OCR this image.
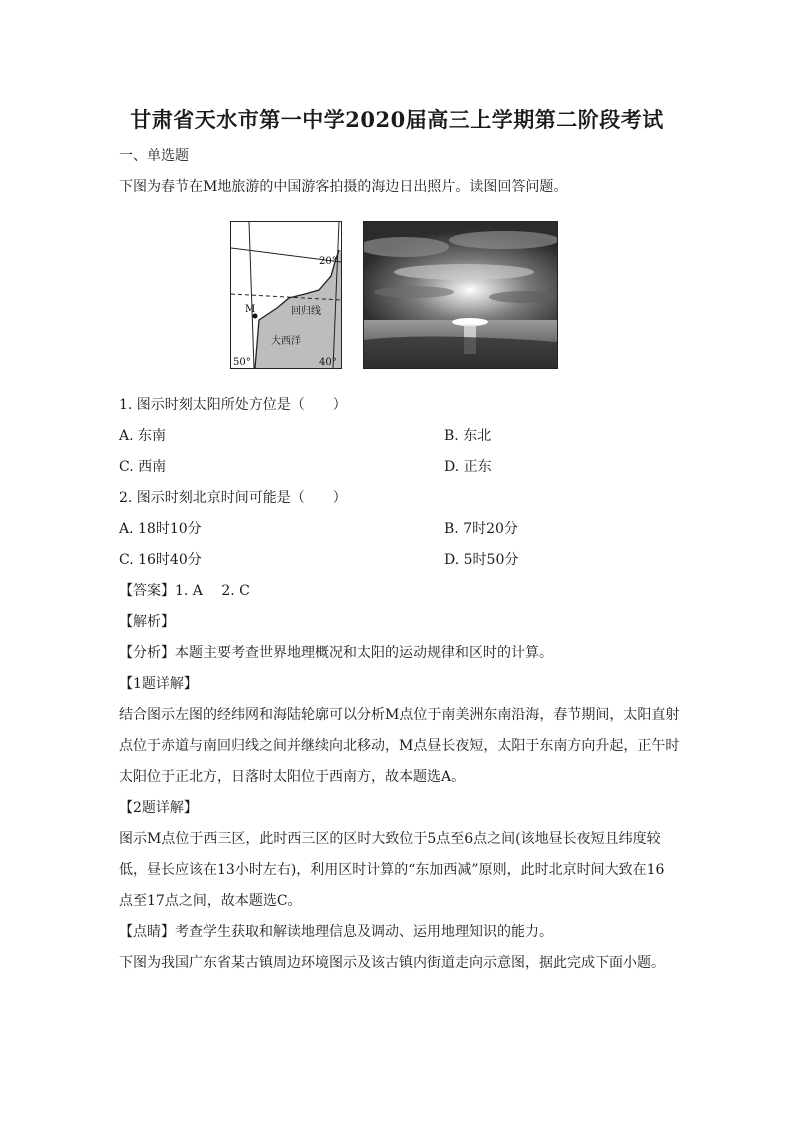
甘肃省天水市第一中学2020届高三上学期第二阶段考试
一、单选题
下图为春节在M地旅游的中国游客拍摄的海边日出照片。读图回答问题。
20°
M	回归线
大西洋
50°	40°
1. 图示时刻太阳所处方位是（　　）
A. 东南	B. 东北
C. 西南	D. 正东
2. 图示时刻北京时间可能是（　　）
A. 18时10分	B. 7时20分
C. 16时40分	D. 5时50分
【答案】1. A　 2. C
【解析】
【分析】本题主要考查世界地理概况和太阳的运动规律和区时的计算。
【1题详解】
结合图示左图的经纬网和海陆轮廓可以分析M点位于南美洲东南沿海，春节期间，太阳直射
点位于赤道与南回归线之间并继续向北移动，M点昼长夜短，太阳于东南方向升起，正午时
太阳位于正北方，日落时太阳位于西南方，故本题选A。
【2题详解】
图示M点位于西三区，此时西三区的区时大致位于5点至6点之间(该地昼长夜短且纬度较
低，昼长应该在13小时左右)，利用区时计算的“东加西减”原则，此时北京时间大致在16
点至17点之间，故本题选C。
【点睛】考查学生获取和解读地理信息及调动、运用地理知识的能力。
下图为我国广东省某古镇周边环境图示及该古镇内街道走向示意图，据此完成下面小题。
